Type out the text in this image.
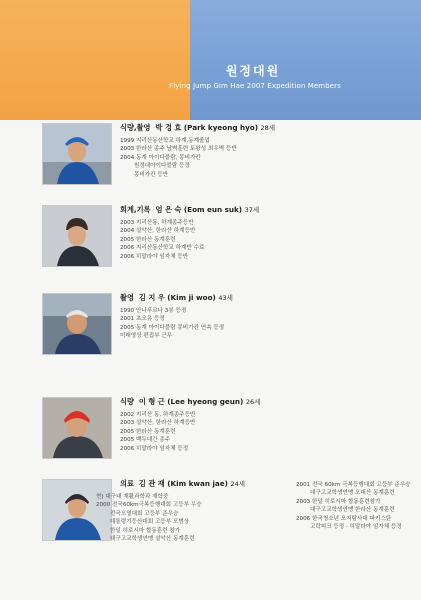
원정대원
Flying Jump Gim Hae 2007 Expedition Members
식량,촬영 박 경 효 (Park kyeong hyo) 28세
1999 지리산동산학교 하계,동계졸업
2003 한라산 종주 남벽훈련 토왕성 최우벽 등반
2004 동계 아이다블람, 몽비가칸
원정대아이다블람 등정
몽비가칸 등반
회계,기록 엄 은 숙 (Eom eun suk) 37세
2003 지리산동, 하계종주등반
2004 설악산, 한라산 하계등반
2005 한라산 동계훈련
2006 지리산동산학교 하계반 수료
2006 히말라야 임자체 등반
촬영 김 지 우 (Kim ji woo) 43세
1990 안나푸르나 3봉 등정
2001 초오유 등정
2005 동계 아이다블람 몽비가칸 연속 등정
미래영상 편집부 근무
식량 이 형 근 (Lee hyeong geun) 26세
2002 지리산 동, 하계종주등반
2003 설악산, 한라산 하계등반
2005 한라산 동계훈련
2005 백두대간 종주
2006 히말라야 임자체 등정
의료 김 관 재 (Kim kwan jae) 24세
현) 대구대 재활과학과 재학중
2000 전국60km극복등행대회 고등부 우승
전국오열대회 고등부 준우승
대통령기등산대회 고등부 모범상
한일 히로시마 합동훈련 참가
대구고교학생연맹 설악산 동계훈련
2001 전국 60km 극복등행대회 고등부 준우승
대구고교학생연맹 오대산 동계훈련
2003 한일 히로시마 합동훈련참가
대구고교학생연맹 한라산 동계훈련
2006 한국청소년 오지탐사대 파키스탄
고락피크 등정 · 히말라야 임자체 등정
